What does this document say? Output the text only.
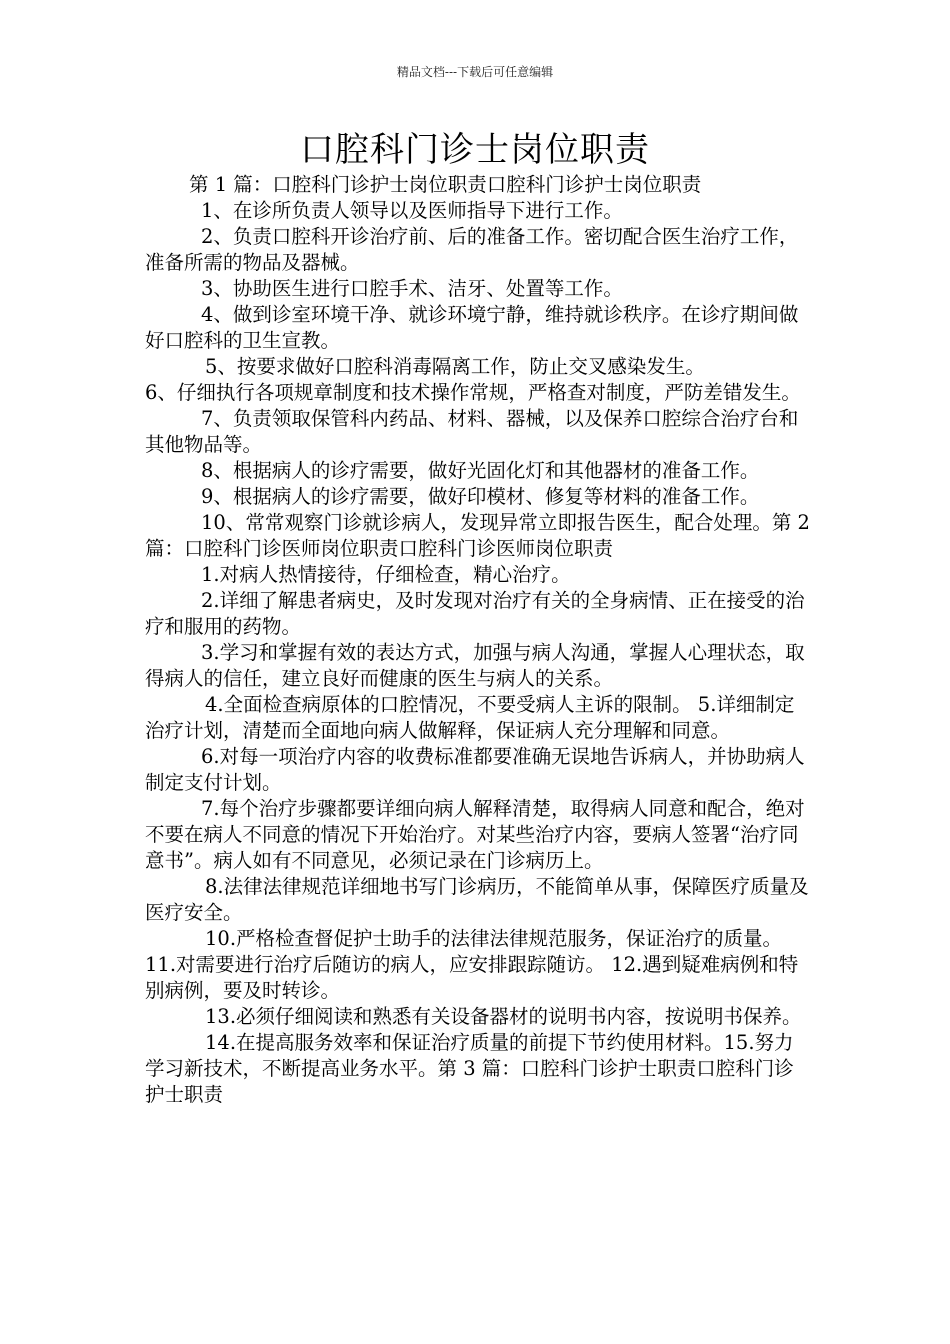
精品文档---下载后可任意编辑
口腔科门诊士岗位职责

第 1 篇：口腔科门诊护士岗位职责口腔科门诊护士岗位职责

1、在诊所负责人领导以及医师指导下进行工作。

2、负责口腔科开诊治疗前、后的准备工作。密切配合医生治疗工作，准备所需的物品及器械。

3、协助医生进行口腔手术、洁牙、处置等工作。

4、做到诊室环境干净、就诊环境宁静，维持就诊秩序。在诊疗期间做好口腔科的卫生宣教。

5、按要求做好口腔科消毒隔离工作，防止交叉感染发生。

6、仔细执行各项规章制度和技术操作常规，严格查对制度，严防差错发生。

7、负责领取保管科内药品、材料、器械，以及保养口腔综合治疗台和其他物品等。

8、根据病人的诊疗需要，做好光固化灯和其他器材的准备工作。

9、根据病人的诊疗需要，做好印模材、修复等材料的准备工作。

10、常常观察门诊就诊病人，发现异常立即报告医生，配合处理。第 2 篇：口腔科门诊医师岗位职责口腔科门诊医师岗位职责

1.对病人热情接待，仔细检查，精心治疗。

2.详细了解患者病史，及时发现对治疗有关的全身病情、正在接受的治疗和服用的药物。

3.学习和掌握有效的表达方式，加强与病人沟通，掌握人心理状态，取得病人的信任，建立良好而健康的医生与病人的关系。

4.全面检查病原体的口腔情况，不要受病人主诉的限制。 5.详细制定治疗计划，清楚而全面地向病人做解释，保证病人充分理解和同意。

6.对每一项治疗内容的收费标准都要准确无误地告诉病人，并协助病人制定支付计划。

7.每个治疗步骤都要详细向病人解释清楚，取得病人同意和配合，绝对不要在病人不同意的情况下开始治疗。对某些治疗内容，要病人签署“治疗同意书”。病人如有不同意见，必须记录在门诊病历上。

8.法律法律规范详细地书写门诊病历，不能简单从事，保障医疗质量及医疗安全。

10.严格检查督促护士助手的法律法律规范服务，保证治疗的质量。 11.对需要进行治疗后随访的病人，应安排跟踪随访。 12.遇到疑难病例和特别病例，要及时转诊。

13.必须仔细阅读和熟悉有关设备器材的说明书内容，按说明书保养。

14.在提高服务效率和保证治疗质量的前提下节约使用材料。15.努力学习新技术，不断提高业务水平。第 3 篇：口腔科门诊护士职责口腔科门诊护士职责
